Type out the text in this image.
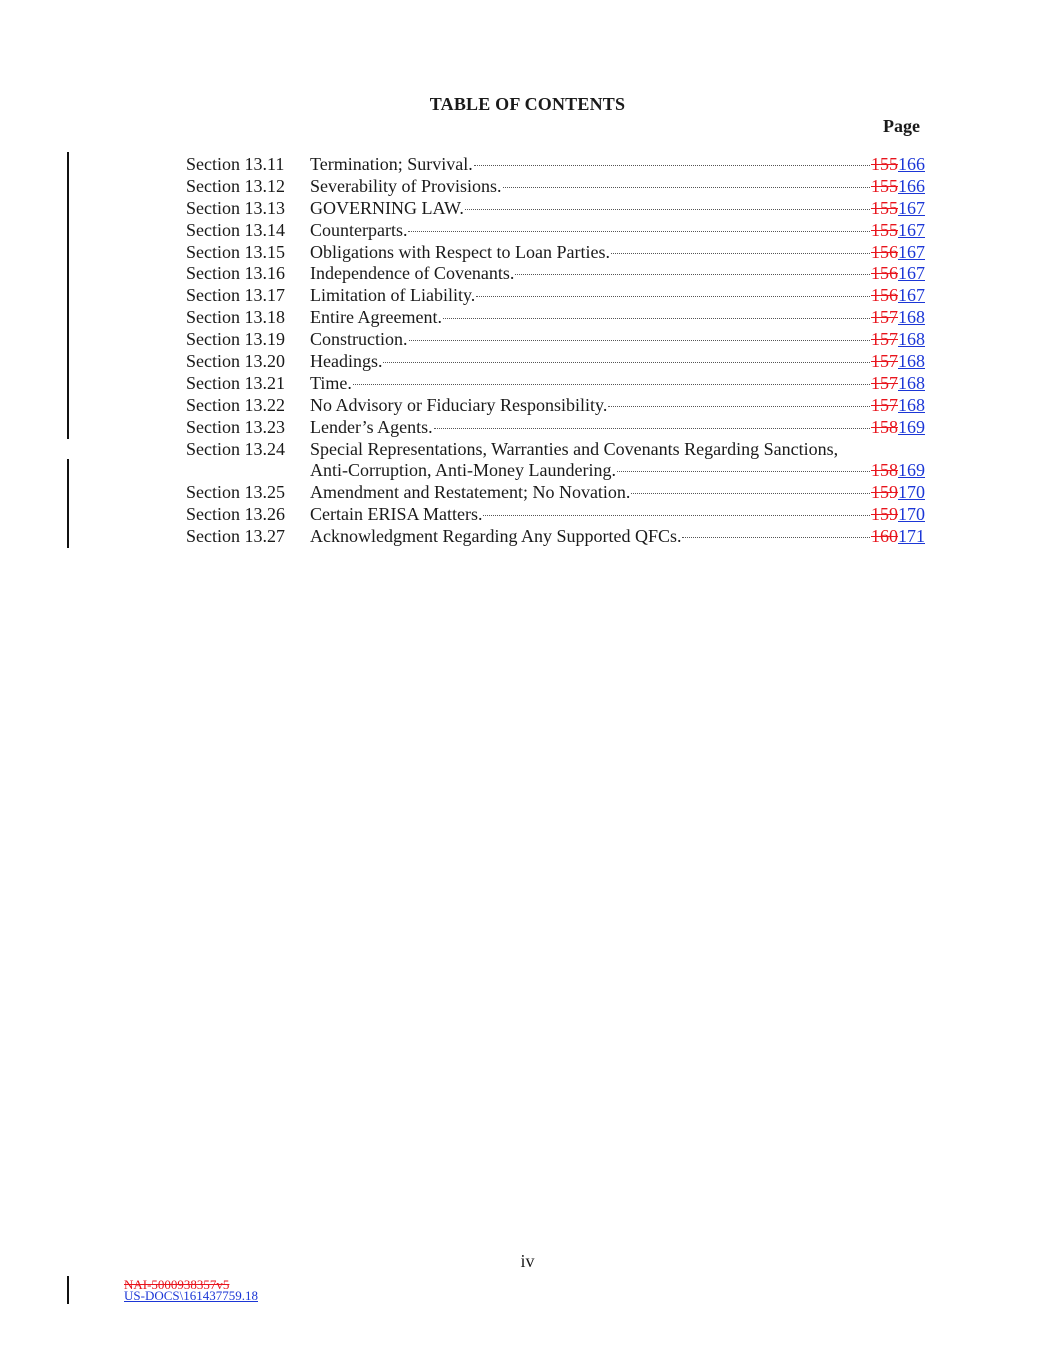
TABLE OF CONTENTS
Page
Section 13.11 Termination; Survival.	155166
Section 13.12 Severability of Provisions.	155166
Section 13.13 GOVERNING LAW.	155167
Section 13.14 Counterparts.	155167
Section 13.15 Obligations with Respect to Loan Parties.	156167
Section 13.16 Independence of Covenants.	156167
Section 13.17 Limitation of Liability.	156167
Section 13.18 Entire Agreement.	157168
Section 13.19 Construction.	157168
Section 13.20 Headings.	157168
Section 13.21 Time.	157168
Section 13.22 No Advisory or Fiduciary Responsibility.	157168
Section 13.23 Lender’s Agents.	158169
Section 13.24 Special Representations, Warranties and Covenants Regarding Sanctions,
Anti-Corruption, Anti-Money Laundering.	158169
Section 13.25 Amendment and Restatement; No Novation.	159170
Section 13.26 Certain ERISA Matters.	159170
Section 13.27 Acknowledgment Regarding Any Supported QFCs.	160171
iv
NAI-5000938357v5
US-DOCS\161437759.18
